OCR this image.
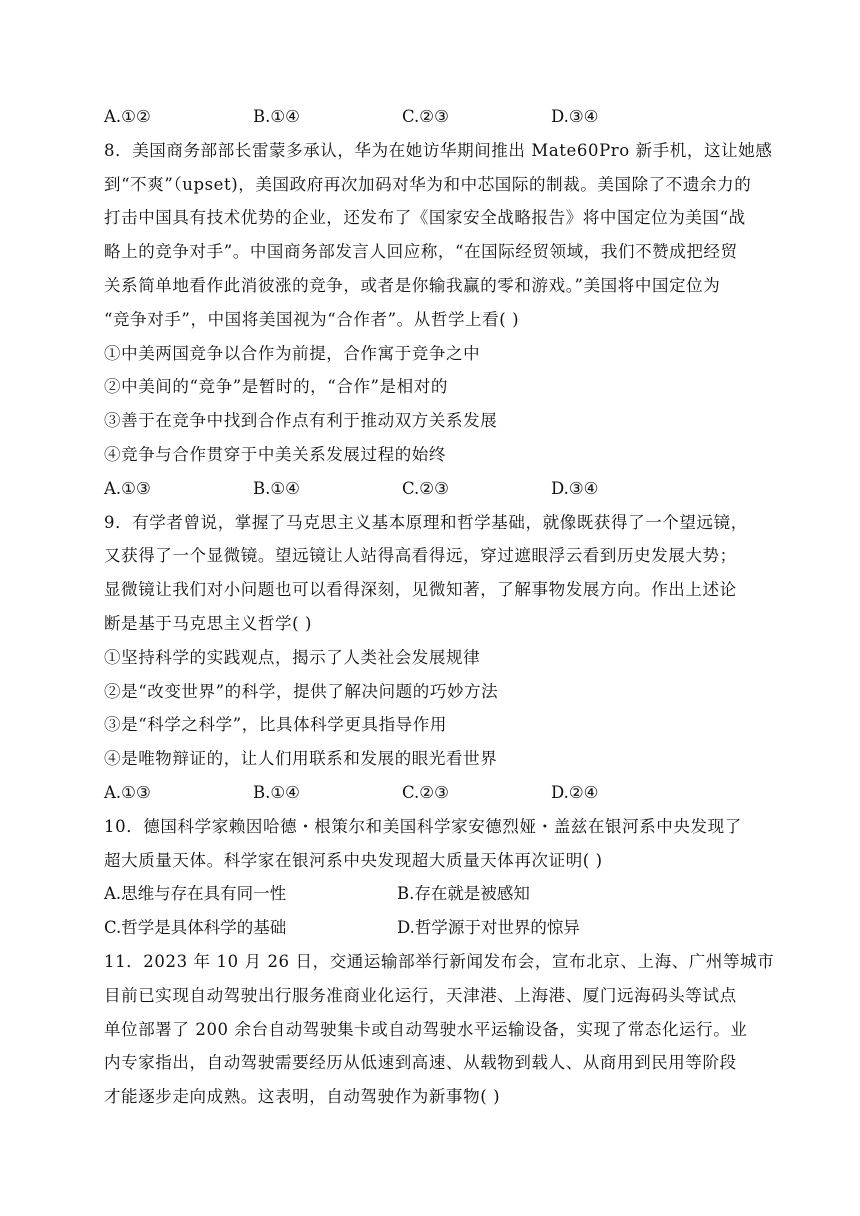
A.①②	B.①④	C.②③	D.③④
8．美国商务部部长雷蒙多承认，华为在她访华期间推出 Mate60Pro 新手机，这让她感
到“不爽”（upset)，美国政府再次加码对华为和中芯国际的制裁。美国除了不遗余力的
打击中国具有技术优势的企业，还发布了《国家安全战略报告》将中国定位为美国“战
略上的竞争对手”。中国商务部发言人回应称，“在国际经贸领域，我们不赞成把经贸
关系简单地看作此消彼涨的竞争，或者是你输我赢的零和游戏。”美国将中国定位为
“竞争对手”，中国将美国视为“合作者”。从哲学上看( )
①中美两国竞争以合作为前提，合作寓于竞争之中
②中美间的“竞争”是暂时的，“合作”是相对的
③善于在竞争中找到合作点有利于推动双方关系发展
④竞争与合作贯穿于中美关系发展过程的始终
A.①③	B.①④	C.②③	D.③④
9．有学者曾说，掌握了马克思主义基本原理和哲学基础，就像既获得了一个望远镜，
又获得了一个显微镜。望远镜让人站得高看得远，穿过遮眼浮云看到历史发展大势；
显微镜让我们对小问题也可以看得深刻，见微知著，了解事物发展方向。作出上述论
断是基于马克思主义哲学( )
①坚持科学的实践观点，揭示了人类社会发展规律
②是“改变世界”的科学，提供了解决问题的巧妙方法
③是“科学之科学”，比具体科学更具指导作用
④是唯物辩证的，让人们用联系和发展的眼光看世界
A.①③	B.①④	C.②③	D.②④
10．德国科学家赖因哈德・根策尔和美国科学家安德烈娅・盖兹在银河系中央发现了
超大质量天体。科学家在银河系中央发现超大质量天体再次证明( )
A.思维与存在具有同一性	B.存在就是被感知
C.哲学是具体科学的基础	D.哲学源于对世界的惊异
11．2023 年 10 月 26 日，交通运输部举行新闻发布会，宣布北京、上海、广州等城市
目前已实现自动驾驶出行服务准商业化运行，天津港、上海港、厦门远海码头等试点
单位部署了 200 余台自动驾驶集卡或自动驾驶水平运输设备，实现了常态化运行。业
内专家指出，自动驾驶需要经历从低速到高速、从载物到载人、从商用到民用等阶段
才能逐步走向成熟。这表明，自动驾驶作为新事物( )
